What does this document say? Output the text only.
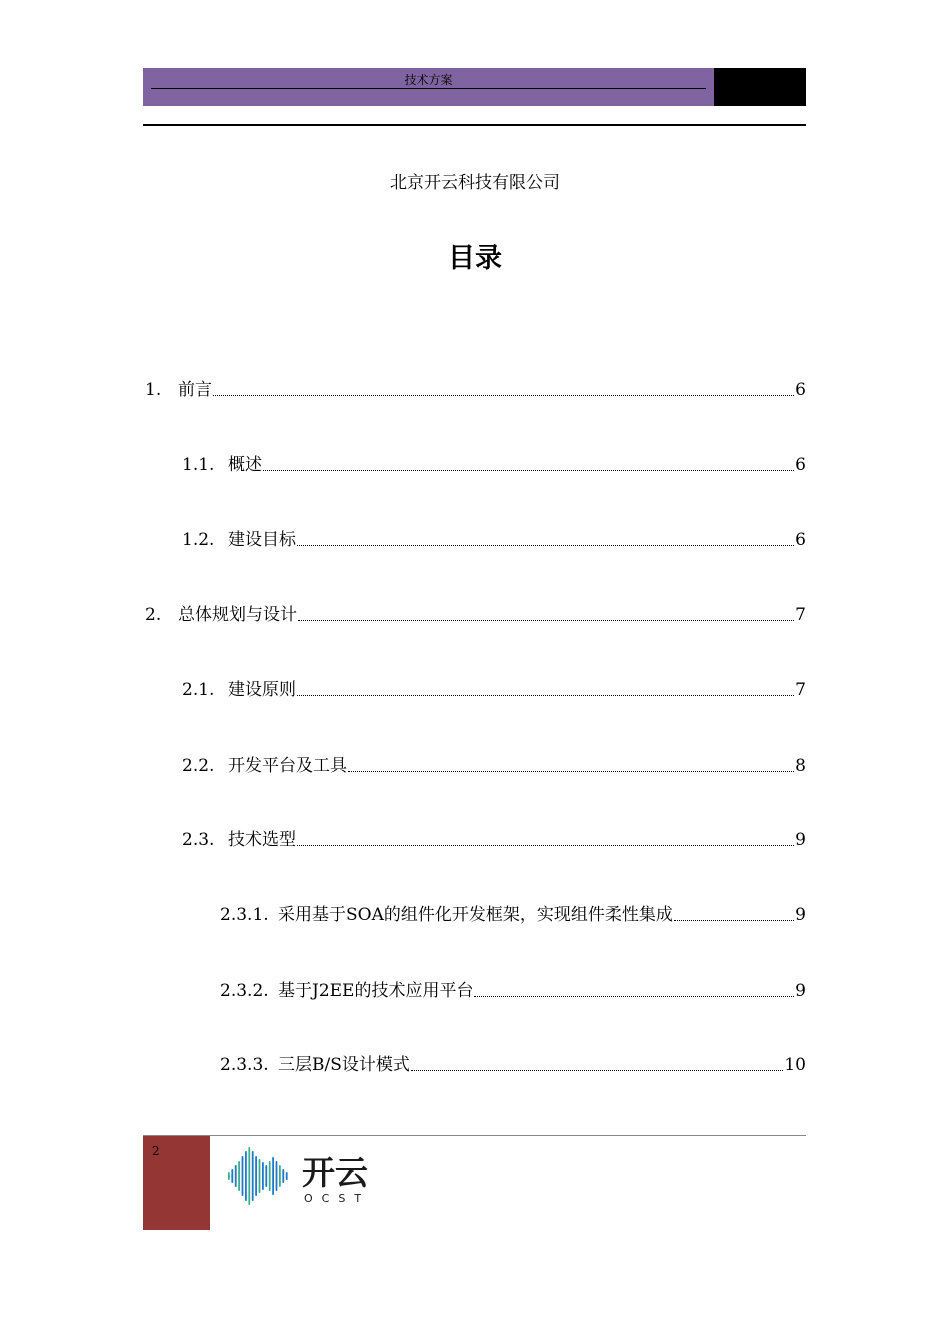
技术方案
北京开云科技有限公司
目录
1. 前言	6
1.1. 概述	6
1.2. 建设目标	6
2. 总体规划与设计	7
2.1. 建设原则	7
2.2. 开发平台及工具	8
2.3. 技术选型	9
2.3.1. 采用基于SOA的组件化开发框架，实现组件柔性集成	9
2.3.2. 基于J2EE的技术应用平台	9
2.3.3. 三层B/S设计模式	10
2
开云
OCST
